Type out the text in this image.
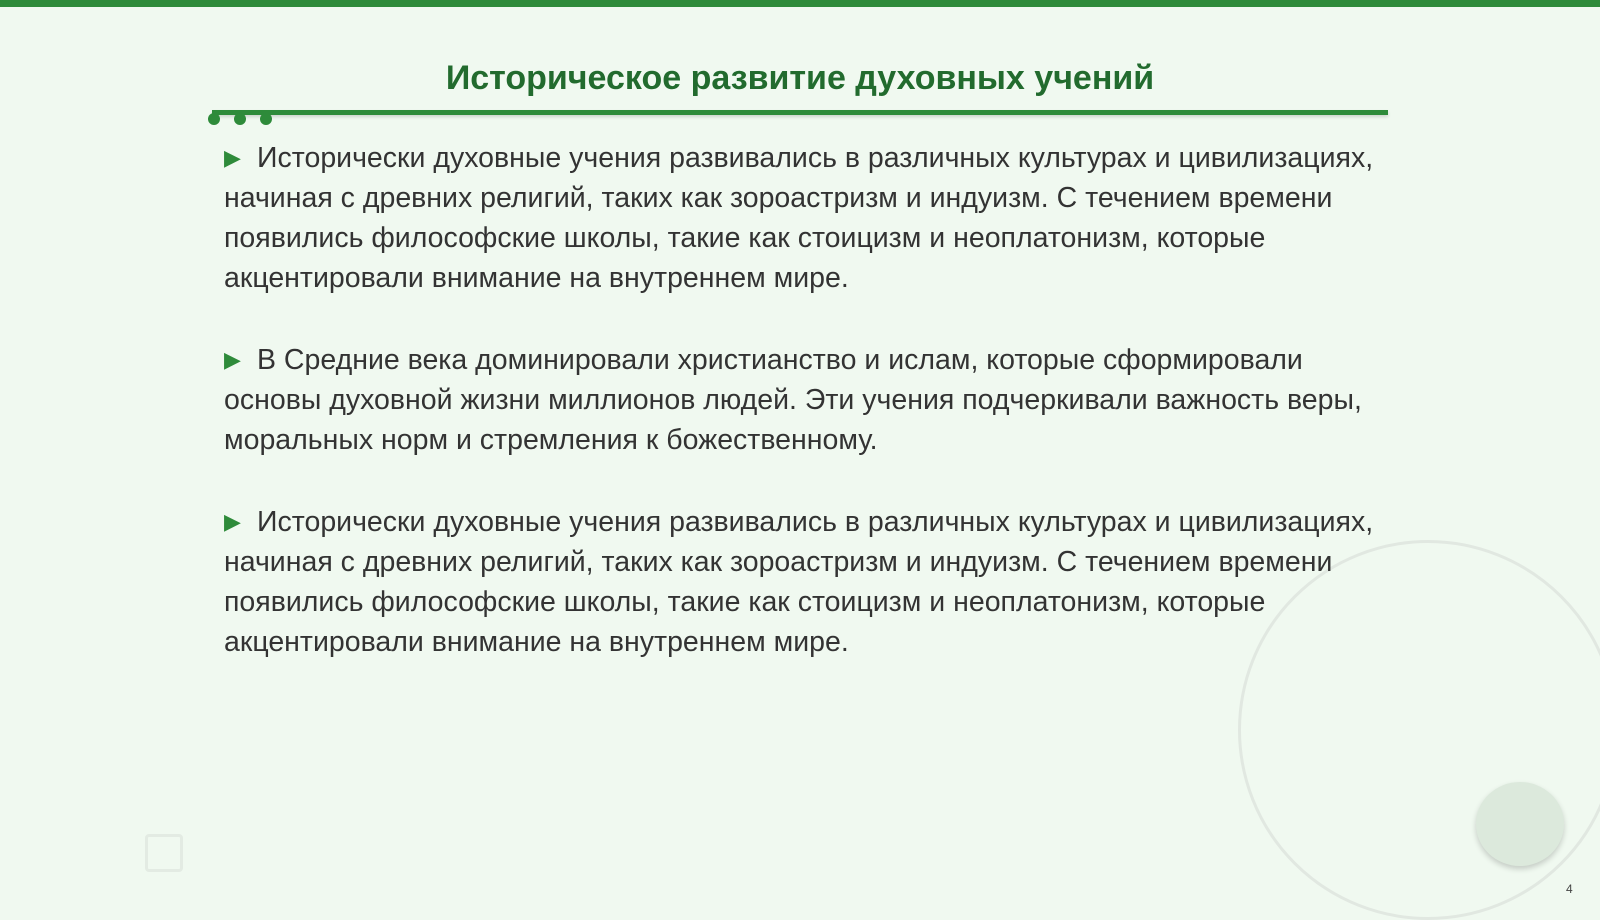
Историческое развитие духовных учений

▶ Исторически духовные учения развивались в различных культурах и цивилизациях, начиная с древних религий, таких как зороастризм и индуизм. С течением времени появились философские школы, такие как стоицизм и неоплатонизм, которые акцентировали внимание на внутреннем мире.

▶ В Средние века доминировали христианство и ислам, которые сформировали основы духовной жизни миллионов людей. Эти учения подчеркивали важность веры, моральных норм и стремления к божественному.

▶ Исторически духовные учения развивались в различных культурах и цивилизациях, начиная с древних религий, таких как зороастризм и индуизм. С течением времени появились философские школы, такие как стоицизм и неоплатонизм, которые акцентировали внимание на внутреннем мире.

4
